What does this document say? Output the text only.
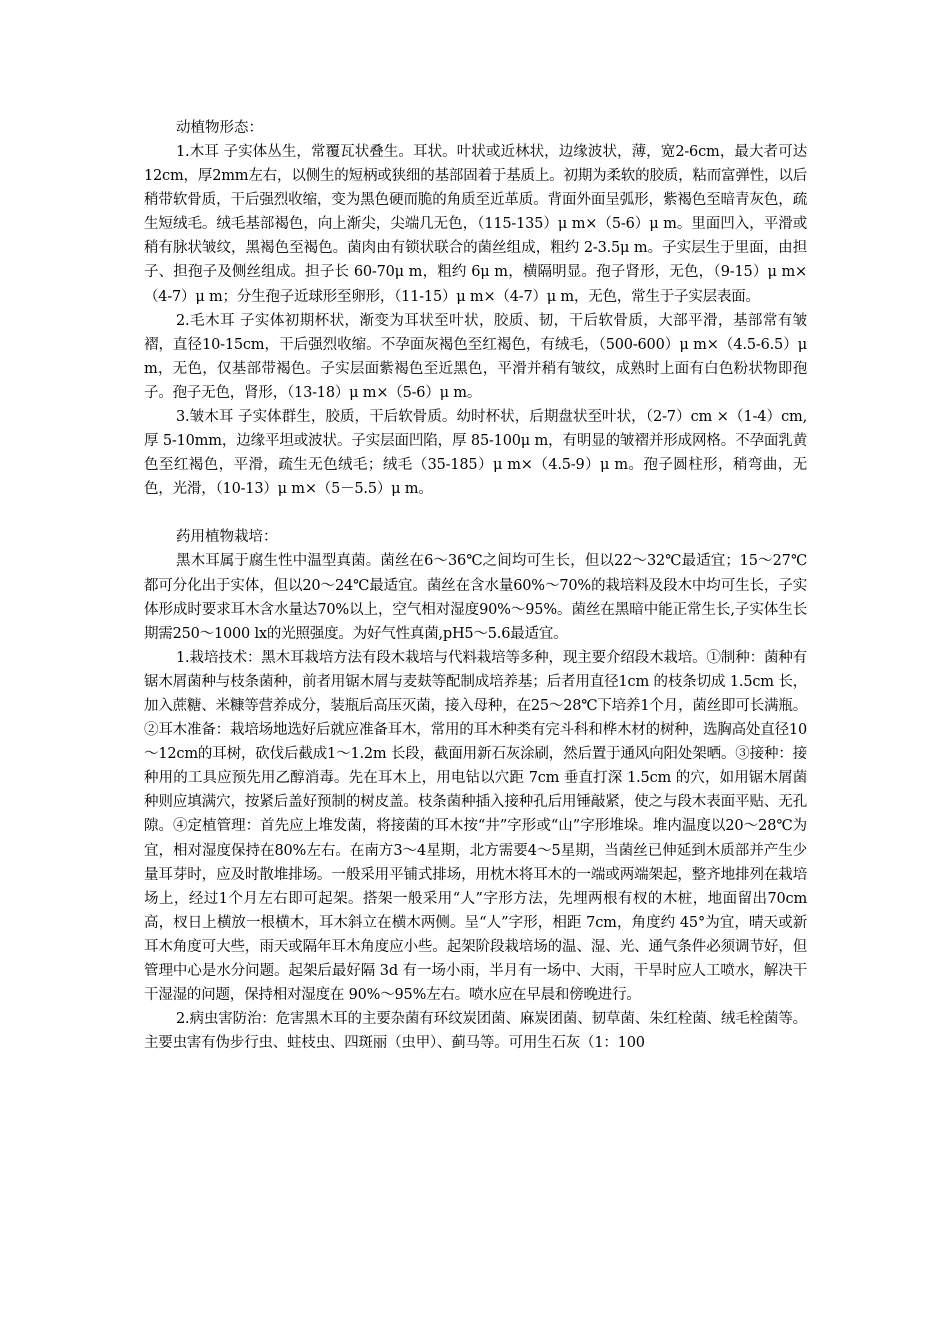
动植物形态：

1.木耳 子实体丛生，常覆瓦状叠生。耳状。叶状或近林状，边缘波状，薄，宽2-6cm，最大者可达12cm，厚2mm左右，以侧生的短柄或狭细的基部固着于基质上。初期为柔软的胶质，粘而富弹性，以后稍带软骨质，干后强烈收缩，变为黑色硬而脆的角质至近革质。背面外面呈弧形，紫褐色至暗青灰色，疏生短绒毛。绒毛基部褐色，向上渐尖，尖端几无色，（115-135）μ m×（5-6）μ m。里面凹入，平滑或稍有脉状皱纹，黑褐色至褐色。菌肉由有锁状联合的菌丝组成，粗约 2-3.5μ m。子实层生于里面，由担子、担孢子及侧丝组成。担子长 60-70μ m，粗约 6μ m，横隔明显。孢子肾形，无色，（9-15）μ m×（4-7）μ m；分生孢子近球形至卵形，（11-15）μ m×（4-7）μ m，无色，常生于子实层表面。

2.毛木耳 子实体初期杯状，渐变为耳状至叶状，胶质、韧，干后软骨质，大部平滑，基部常有皱褶，直径10-15cm，干后强烈收缩。不孕面灰褐色至红褐色，有绒毛，（500-600）μ m×（4.5-6.5）μ m，无色，仅基部带褐色。子实层面紫褐色至近黑色，平滑并稍有皱纹，成熟时上面有白色粉状物即孢子。孢子无色，肾形，（13-18）μ m×（5-6）μ m。

3.皱木耳 子实体群生，胶质，干后软骨质。幼时杯状，后期盘状至叶状，（2-7）cm ×（1-4）cm,厚 5-10mm，边缘平坦或波状。子实层面凹陷，厚 85-100μ m，有明显的皱褶并形成网格。不孕面乳黄色至红褐色，平滑，疏生无色绒毛；绒毛（35-185）μ m×（4.5-9）μ m。孢子圆柱形，稍弯曲，无色，光滑，（10-13）μ m×（5－5.5）μ m。

药用植物栽培：

黑木耳属于腐生性中温型真菌。菌丝在6～36℃之间均可生长，但以22～32℃最适宜；15～27℃都可分化出于实体，但以20～24℃最适宜。菌丝在含水量60%～70%的栽培料及段木中均可生长，子实体形成时要求耳木含水量达70%以上，空气相对湿度90%～95%。菌丝在黑暗中能正常生长,子实体生长期需250～1000 lx的光照强度。为好气性真菌,pH5～5.6最适宜。

1.栽培技术：黑木耳栽培方法有段木栽培与代料栽培等多种，现主要介绍段木栽培。①制种：菌种有锯木屑菌种与枝条菌种，前者用锯木屑与麦麸等配制成培养基；后者用直径1cm 的枝条切成 1.5cm 长，加入蔗糖、米糠等营养成分，装瓶后高压灭菌，接入母种，在25～28℃下培养1个月，菌丝即可长满瓶。②耳木准备：栽培场地选好后就应准备耳木，常用的耳木种类有完斗科和桦木材的树种，选胸高处直径10～12cm的耳树，砍伐后截成1～1.2m 长段，截面用新石灰涂刷，然后置于通风向阳处架晒。③接种：接种用的工具应预先用乙醇消毒。先在耳木上，用电钻以穴距 7cm 垂直打深 1.5cm 的穴，如用锯木屑菌种则应填满穴，按紧后盖好预制的树皮盖。枝条菌种插入接种孔后用锤敲紧，使之与段木表面平贴、无孔隙。④定植管理：首先应上堆发菌，将接菌的耳木按“井”字形或“山”字形堆垛。堆内温度以20～28℃为宜，相对湿度保持在80%左右。在南方3～4星期，北方需要4～5星期，当菌丝已伸延到木质部并产生少量耳芽时，应及时散堆排场。一般采用平铺式排场，用枕木将耳木的一端或两端架起，整齐地排列在栽培场上，经过1个月左右即可起架。搭架一般采用“人”字形方法，先埋两根有杈的木桩，地面留出70cm高，杈日上横放一根横木，耳木斜立在横木两侧。呈“人”字形，相距 7cm，角度约 45°为宜，晴天或新耳木角度可大些，雨天或隔年耳木角度应小些。起架阶段栽培场的温、湿、光、通气条件必须调节好，但管理中心是水分问题。起架后最好隔 3d 有一场小雨，半月有一场中、大雨，干旱时应人工喷水，解决干干湿湿的问题，保持相对湿度在 90%～95%左右。喷水应在早晨和傍晚进行。

2.病虫害防治：危害黑木耳的主要杂菌有环纹炭团菌、麻炭团菌、韧草菌、朱红栓菌、绒毛栓菌等。主要虫害有伪步行虫、蛀枝虫、四斑丽（虫甲）、蓟马等。可用生石灰（1：100
